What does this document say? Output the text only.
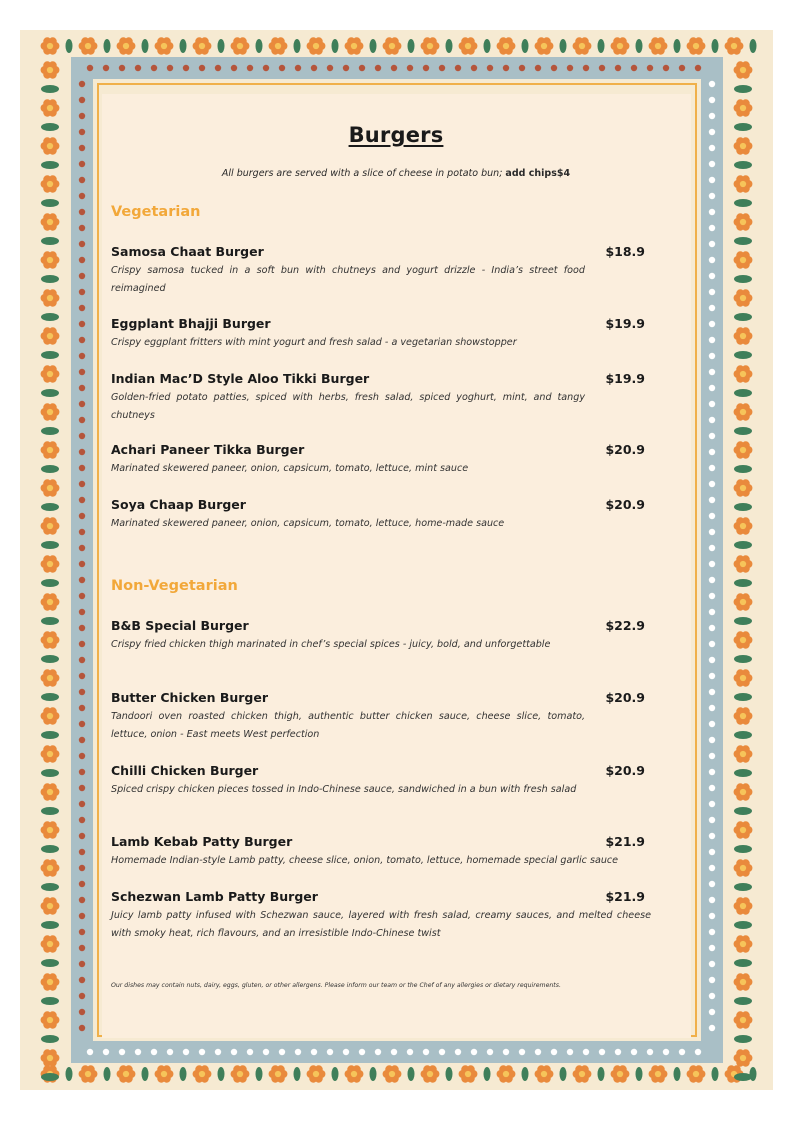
Burgers
All burgers are served with a slice of cheese in potato bun; add chips$4
Vegetarian
Samosa Chaat Burger	$18.9
Crispy samosa tucked in a soft bun with chutneys and yogurt drizzle - India’s street food reimagined
Eggplant Bhajji Burger	$19.9
Crispy eggplant fritters with mint yogurt and fresh salad - a vegetarian showstopper
Indian Mac’D Style Aloo Tikki Burger	$19.9
Golden-fried potato patties, spiced with herbs, fresh salad, spiced yoghurt, mint, and tangy chutneys
Achari Paneer Tikka Burger	$20.9
Marinated skewered paneer, onion, capsicum, tomato, lettuce, mint sauce
Soya Chaap Burger	$20.9
Marinated skewered paneer, onion, capsicum, tomato, lettuce, home-made sauce
Non-Vegetarian
B&B Special Burger	$22.9
Crispy fried chicken thigh marinated in chef’s special spices - juicy, bold, and unforgettable
Butter Chicken Burger	$20.9
Tandoori oven roasted chicken thigh, authentic butter chicken sauce, cheese slice, tomato, lettuce, onion - East meets West perfection
Chilli Chicken Burger	$20.9
Spiced crispy chicken pieces tossed in Indo-Chinese sauce, sandwiched in a bun with fresh salad
Lamb Kebab Patty Burger	$21.9
Homemade Indian-style Lamb patty, cheese slice, onion, tomato, lettuce, homemade special garlic sauce
Schezwan Lamb Patty Burger	$21.9
Juicy lamb patty infused with Schezwan sauce, layered with fresh salad, creamy sauces, and melted cheese with smoky heat, rich flavours, and an irresistible Indo-Chinese twist
Our dishes may contain nuts, dairy, eggs, gluten, or other allergens. Please inform our team or the Chef of any allergies or dietary requirements.
